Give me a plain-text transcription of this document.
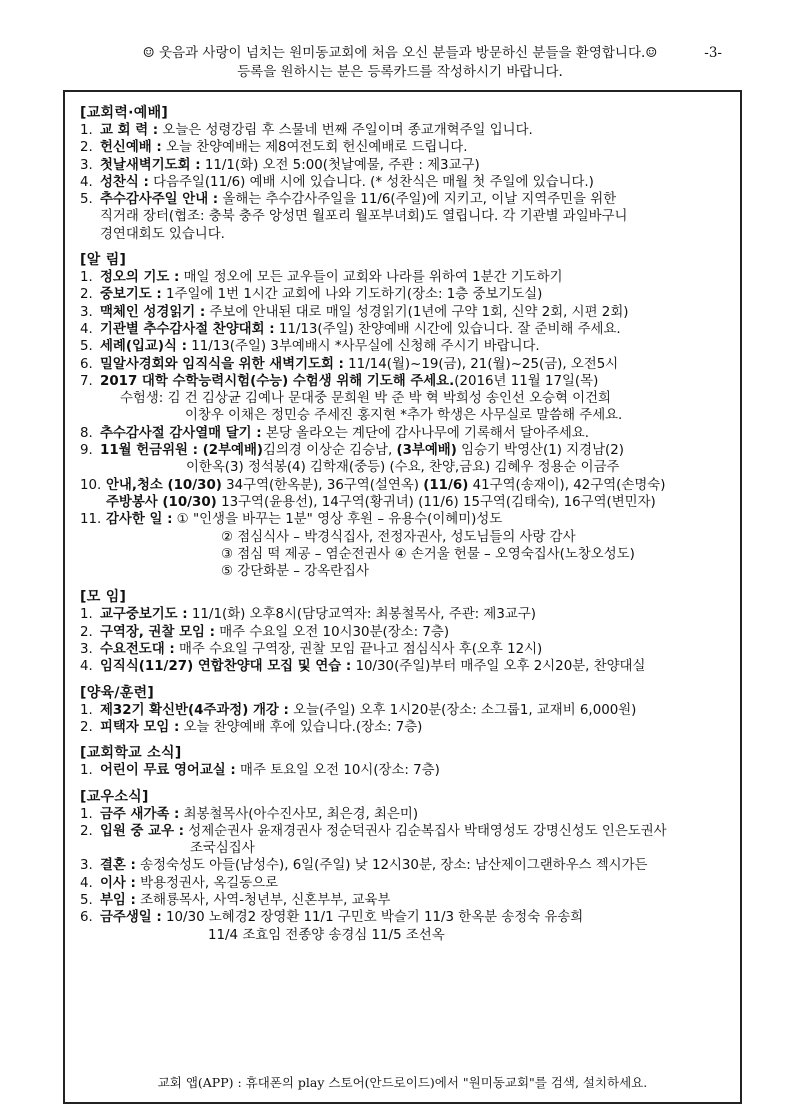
☺ 웃음과 사랑이 넘치는 원미동교회에 처음 오신 분들과 방문하신 분들을 환영합니다.☺	-3-
등록을 원하시는 분은 등록카드를 작성하시기 바랍니다.
[교회력·예배]
1. 교 회 력 : 오늘은 성령강림 후 스물네 번째 주일이며 종교개혁주일 입니다.
2. 헌신예배 : 오늘 찬양예배는 제8여전도회 헌신예배로 드립니다.
3. 첫날새벽기도회 : 11/1(화) 오전 5:00(첫날예물, 주관 : 제3교구)
4. 성찬식 : 다음주일(11/6) 예배 시에 있습니다. (* 성찬식은 매월 첫 주일에 있습니다.)
5. 추수감사주일 안내 : 올해는 추수감사주일을 11/6(주일)에 지키고, 이날 지역주민을 위한
직거래 장터(협조: 충북 충주 앙성면 월포리 월포부녀회)도 열립니다. 각 기관별 과일바구니
경연대회도 있습니다.
[알 림]
1. 정오의 기도 : 매일 정오에 모든 교우들이 교회와 나라를 위하여 1분간 기도하기
2. 중보기도 : 1주일에 1번 1시간 교회에 나와 기도하기(장소: 1층 중보기도실)
3. 맥체인 성경읽기 : 주보에 안내된 대로 매일 성경읽기(1년에 구약 1회, 신약 2회, 시편 2회)
4. 기관별 추수감사절 찬양대회 : 11/13(주일) 찬양예배 시간에 있습니다. 잘 준비해 주세요.
5. 세례(입교)식 : 11/13(주일) 3부예배시 *사무실에 신청해 주시기 바랍니다.
6. 밀알사경회와 임직식을 위한 새벽기도회 : 11/14(월)~19(금), 21(월)~25(금), 오전5시
7. 2017 대학 수학능력시험(수능) 수험생 위해 기도해 주세요.(2016년 11월 17일(목)
수험생: 김 건 김상균 김예나 문대중 문희원 박 준 박 혁 박희성 송인선 오승혁 이건희
이창우 이채은 정민승 주세진 홍지현 *추가 학생은 사무실로 말씀해 주세요.
8. 추수감사절 감사열매 달기 : 본당 올라오는 계단에 감사나무에 기록해서 달아주세요.
9. 11월 헌금위원 : (2부예배)김의경 이상순 김승남, (3부예배) 임승기 박영산(1) 지경남(2)
이한옥(3) 정석봉(4) 김학재(중등) (수요, 찬양,금요) 김혜우 정용순 이금주
10. 안내,청소 (10/30) 34구역(한옥분), 36구역(설연옥) (11/6) 41구역(송재이), 42구역(손명숙)
주방봉사 (10/30) 13구역(윤용선), 14구역(황귀녀) (11/6) 15구역(김태숙), 16구역(변민자)
11. 감사한 일 : ① "인생을 바꾸는 1분" 영상 후원 – 유용수(이혜미)성도
② 점심식사 – 박경식집사, 전정자권사, 성도님들의 사랑 감사
③ 점심 떡 제공 – 염순전권사 ④ 손거울 헌물 – 오영숙집사(노창오성도)
⑤ 강단화분 – 강옥란집사
[모 임]
1. 교구중보기도 : 11/1(화) 오후8시(담당교역자: 최봉철목사, 주관: 제3교구)
2. 구역장, 권찰 모임 : 매주 수요일 오전 10시30분(장소: 7층)
3. 수요전도대 : 매주 수요일 구역장, 권찰 모임 끝나고 점심식사 후(오후 12시)
4. 임직식(11/27) 연합찬양대 모집 및 연습 : 10/30(주일)부터 매주일 오후 2시20분, 찬양대실
[양육/훈련]
1. 제32기 확신반(4주과정) 개강 : 오늘(주일) 오후 1시20분(장소: 소그룹1, 교재비 6,000원)
2. 피택자 모임 : 오늘 찬양예배 후에 있습니다.(장소: 7층)
[교회학교 소식]
1. 어린이 무료 영어교실 : 매주 토요일 오전 10시(장소: 7층)
[교우소식]
1. 금주 새가족 : 최봉철목사(아수진사모, 최은경, 최은미)
2. 입원 중 교우 : 성제순권사 윤재경권사 정순덕권사 김순복집사 박태영성도 강명신성도 인은도권사
조국심집사
3. 결혼 : 송정숙성도 아들(남성수), 6일(주일) 낮 12시30분, 장소: 남산제이그랜하우스 젝시가든
4. 이사 : 박용정권사, 옥길동으로
5. 부임 : 조해룡목사, 사역-청년부, 신혼부부, 교육부
6. 금주생일 : 10/30 노혜경2 장영환 11/1 구민호 박슬기 11/3 한옥분 송정숙 유송희
11/4 조효임 전종양 송경심 11/5 조선옥
교회 앱(APP) : 휴대폰의 play 스토어(안드로이드)에서 "원미동교회"를 검색, 설치하세요.
